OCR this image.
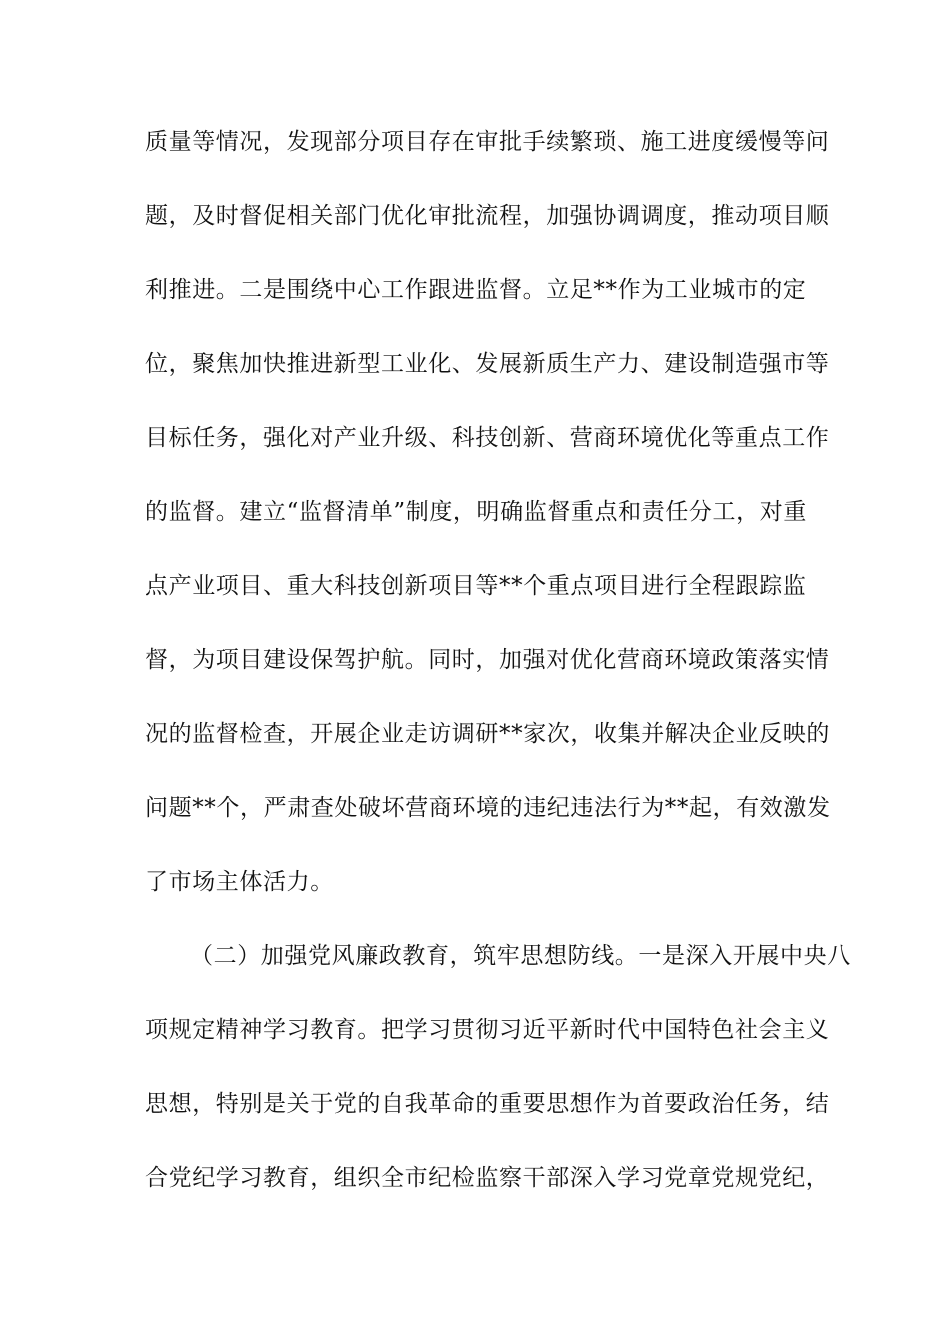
质量等情况，发现部分项目存在审批手续繁琐、施工进度缓慢等问
题，及时督促相关部门优化审批流程，加强协调调度，推动项目顺
利推进。二是围绕中心工作跟进监督。立足**作为工业城市的定
位，聚焦加快推进新型工业化、发展新质生产力、建设制造强市等
目标任务，强化对产业升级、科技创新、营商环境优化等重点工作
的监督。建立“监督清单”制度，明确监督重点和责任分工，对重
点产业项目、重大科技创新项目等**个重点项目进行全程跟踪监
督，为项目建设保驾护航。同时，加强对优化营商环境政策落实情
况的监督检查，开展企业走访调研**家次，收集并解决企业反映的
问题**个，严肃查处破坏营商环境的违纪违法行为**起，有效激发
了市场主体活力。
（二）加强党风廉政教育，筑牢思想防线。一是深入开展中央八
项规定精神学习教育。把学习贯彻习近平新时代中国特色社会主义
思想，特别是关于党的自我革命的重要思想作为首要政治任务，结
合党纪学习教育，组织全市纪检监察干部深入学习党章党规党纪，
